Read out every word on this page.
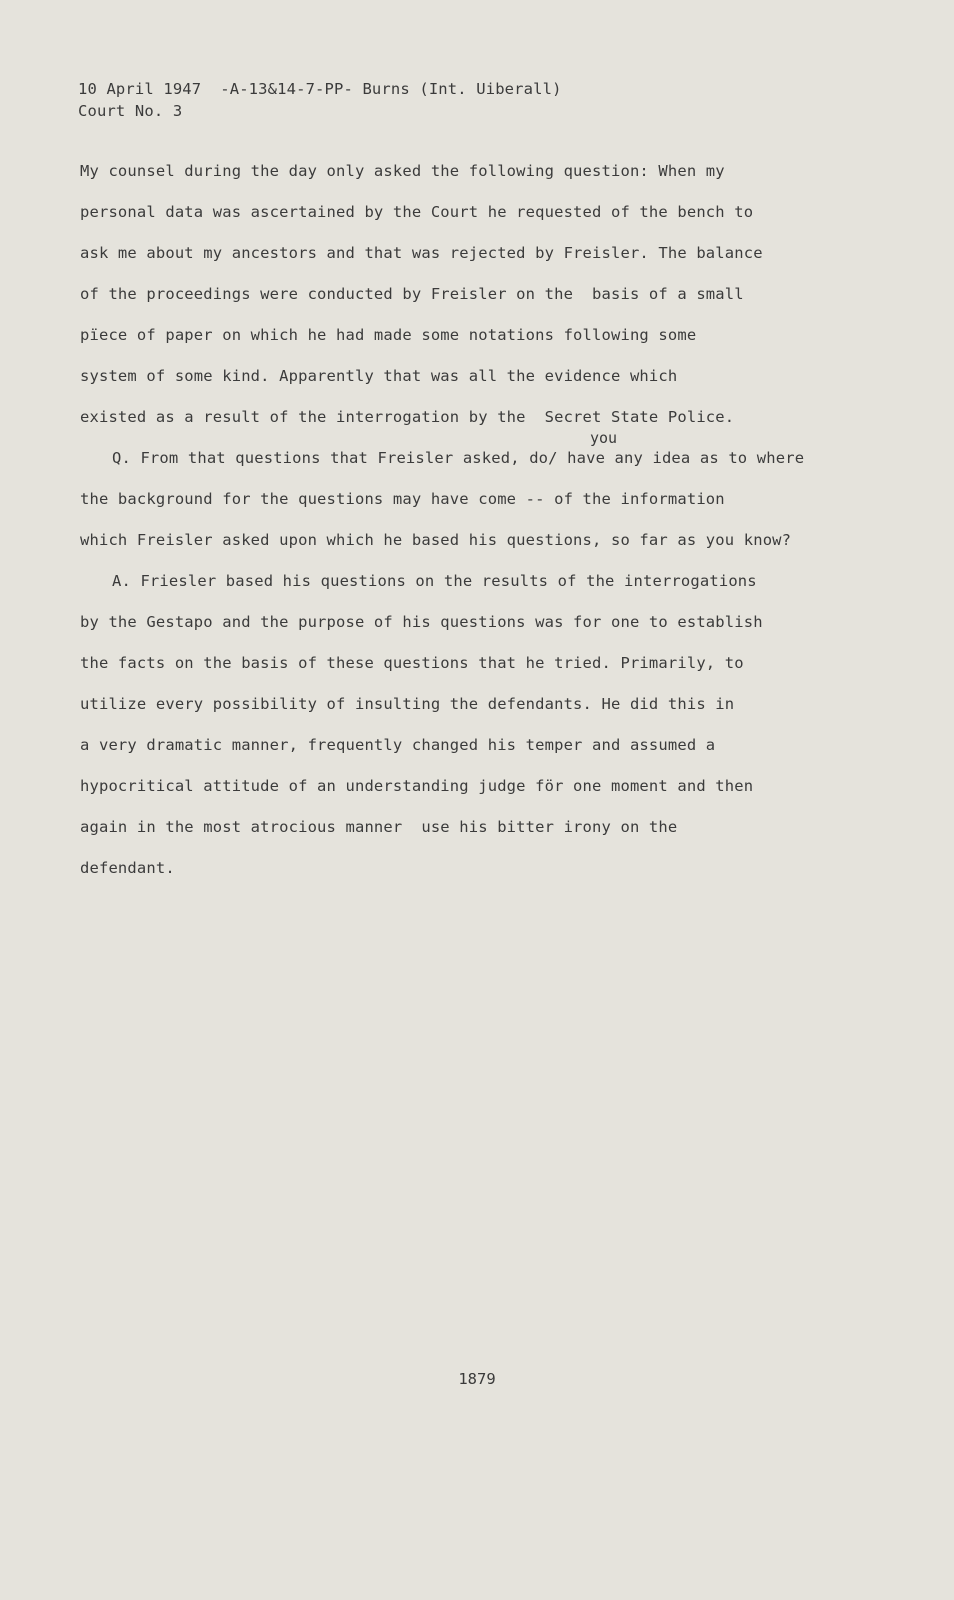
10 April 1947  -A-13&14-7-PP- Burns (Int. Uiberall)
Court No. 3
My counsel during the day only asked the following question: When my
personal data was ascertained by the Court he requested of the bench to
ask me about my ancestors and that was rejected by Freisler. The balance
of the proceedings were conducted by Freisler on the  basis of a small
pïece of paper on which he had made some notations following some
system of some kind. Apparently that was all the evidence which
existed as a result of the interrogation by the  Secret State Police.
you
Q. From that questions that Freisler asked, do/ have any idea as to where
the background for the questions may have come -- of the information
which Freisler asked upon which he based his questions, so far as you know?
A. Friesler based his questions on the results of the interrogations
by the Gestapo and the purpose of his questions was for one to establish
the facts on the basis of these questions that he tried. Primarily, to
utilize every possibility of insulting the defendants. He did this in
a very dramatic manner, frequently changed his temper and assumed a
hypocritical attitude of an understanding judge för one moment and then
again in the most atrocious manner  use his bitter irony on the
defendant.
1879
